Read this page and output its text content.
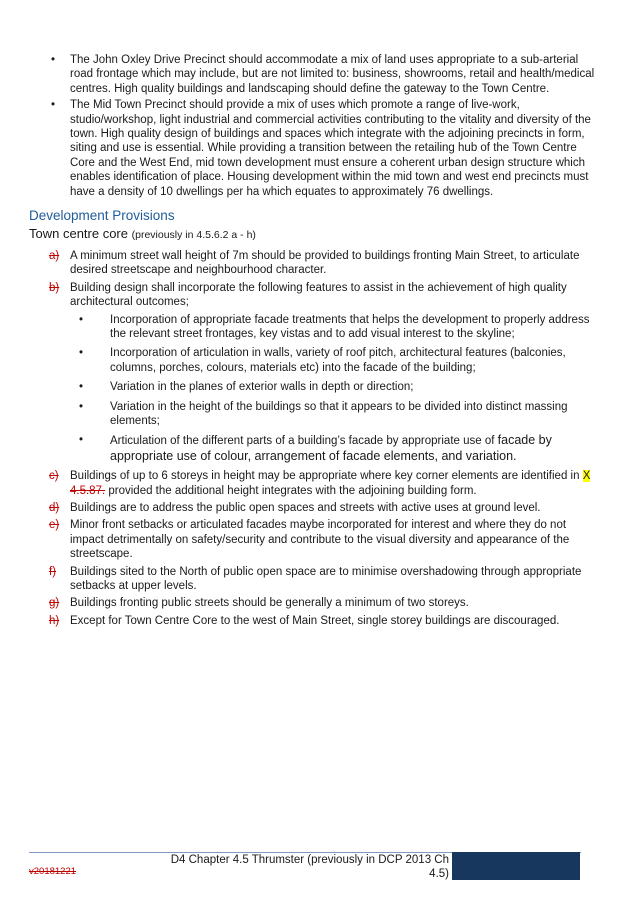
• The John Oxley Drive Precinct should accommodate a mix of land uses appropriate to a sub-arterial road frontage which may include, but are not limited to: business, showrooms, retail and health/medical centres. High quality buildings and landscaping should define the gateway to the Town Centre.
• The Mid Town Precinct should provide a mix of uses which promote a range of live-work, studio/workshop, light industrial and commercial activities contributing to the vitality and diversity of the town. High quality design of buildings and spaces which integrate with the adjoining precincts in form, siting and use is essential. While providing a transition between the retailing hub of the Town Centre Core and the West End, mid town development must ensure a coherent urban design structure which enables identification of place. Housing development within the mid town and west end precincts must have a density of 10 dwellings per ha which equates to approximately 76 dwellings.
Development Provisions
Town centre core (previously in 4.5.6.2 a - h)
a) A minimum street wall height of 7m should be provided to buildings fronting Main Street, to articulate desired streetscape and neighbourhood character.
b) Building design shall incorporate the following features to assist in the achievement of high quality architectural outcomes;
• Incorporation of appropriate facade treatments that helps the development to properly address the relevant street frontages, key vistas and to add visual interest to the skyline;
• Incorporation of articulation in walls, variety of roof pitch, architectural features (balconies, columns, porches, colours, materials etc) into the facade of the building;
• Variation in the planes of exterior walls in depth or direction;
• Variation in the height of the buildings so that it appears to be divided into distinct massing elements;
• Articulation of the different parts of a building’s facade by appropriate use of facade by appropriate use of colour, arrangement of facade elements, and variation.
c) Buildings of up to 6 storeys in height may be appropriate where key corner elements are identified in X 4.5.87. provided the additional height integrates with the adjoining building form.
d) Buildings are to address the public open spaces and streets with active uses at ground level.
e) Minor front setbacks or articulated facades maybe incorporated for interest and where they do not impact detrimentally on safety/security and contribute to the visual diversity and appearance of the streetscape.
f) Buildings sited to the North of public open space are to minimise overshadowing through appropriate setbacks at upper levels.
g) Buildings fronting public streets should be generally a minimum of two storeys.
h) Except for Town Centre Core to the west of Main Street, single storey buildings are discouraged.
D4 Chapter 4.5 Thrumster (previously in DCP 2013 Ch
4.5)
v20181221
